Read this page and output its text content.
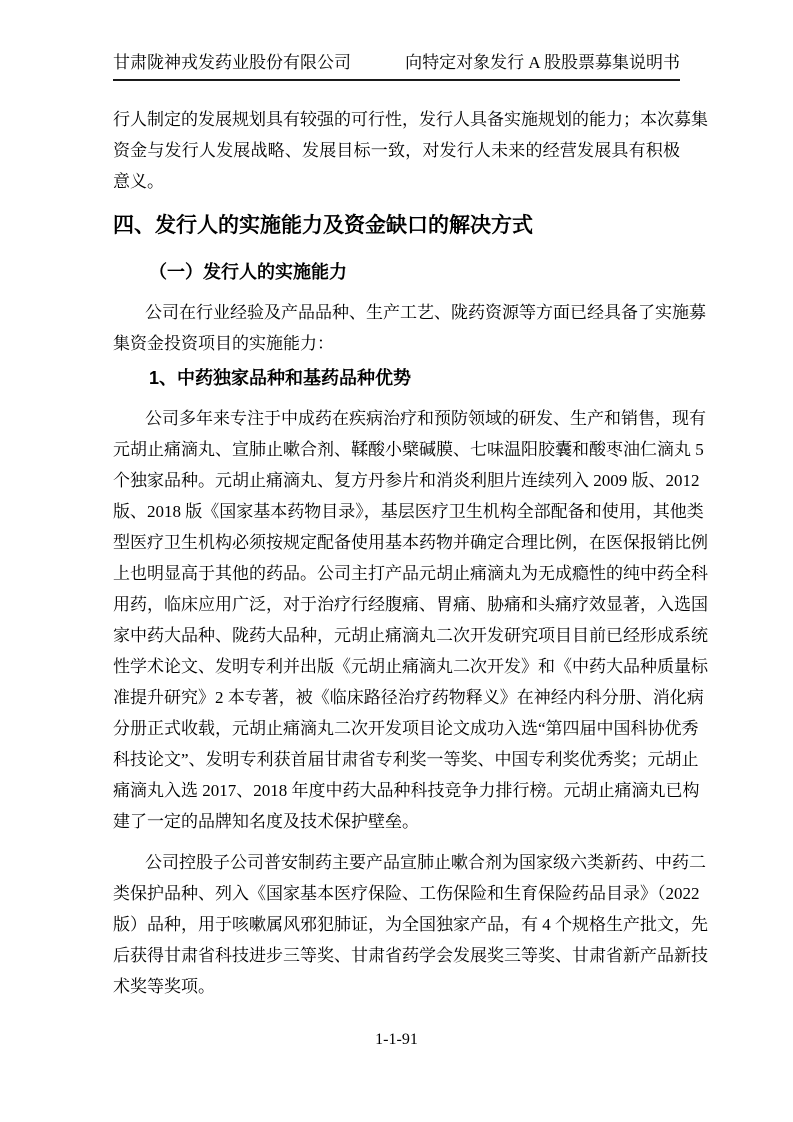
甘肃陇神戎发药业股份有限公司	向特定对象发行 A 股股票募集说明书
行人制定的发展规划具有较强的可行性，发行人具备实施规划的能力；本次募集
资金与发行人发展战略、发展目标一致，对发行人未来的经营发展具有积极意义。
四、发行人的实施能力及资金缺口的解决方式
（一）发行人的实施能力
公司在行业经验及产品品种、生产工艺、陇药资源等方面已经具备了实施募
集资金投资项目的实施能力：
1、中药独家品种和基药品种优势
公司多年来专注于中成药在疾病治疗和预防领域的研发、生产和销售，现有
元胡止痛滴丸、宣肺止嗽合剂、鞣酸小檗碱膜、七味温阳胶囊和酸枣油仁滴丸 5
个独家品种。元胡止痛滴丸、复方丹参片和消炎利胆片连续列入 2009 版、2012
版、2018 版《国家基本药物目录》，基层医疗卫生机构全部配备和使用，其他类
型医疗卫生机构必须按规定配备使用基本药物并确定合理比例，在医保报销比例
上也明显高于其他的药品。公司主打产品元胡止痛滴丸为无成瘾性的纯中药全科
用药，临床应用广泛，对于治疗行经腹痛、胃痛、胁痛和头痛疗效显著，入选国
家中药大品种、陇药大品种，元胡止痛滴丸二次开发研究项目目前已经形成系统
性学术论文、发明专利并出版《元胡止痛滴丸二次开发》和《中药大品种质量标
准提升研究》2 本专著，被《临床路径治疗药物释义》在神经内科分册、消化病
分册正式收载，元胡止痛滴丸二次开发项目论文成功入选“第四届中国科协优秀
科技论文”、发明专利获首届甘肃省专利奖一等奖、中国专利奖优秀奖；元胡止
痛滴丸入选 2017、2018 年度中药大品种科技竞争力排行榜。元胡止痛滴丸已构
建了一定的品牌知名度及技术保护壁垒。
公司控股子公司普安制药主要产品宣肺止嗽合剂为国家级六类新药、中药二
类保护品种、列入《国家基本医疗保险、工伤保险和生育保险药品目录》（2022
版）品种，用于咳嗽属风邪犯肺证，为全国独家产品，有 4 个规格生产批文，先
后获得甘肃省科技进步三等奖、甘肃省药学会发展奖三等奖、甘肃省新产品新技
术奖等奖项。
1-1-91
